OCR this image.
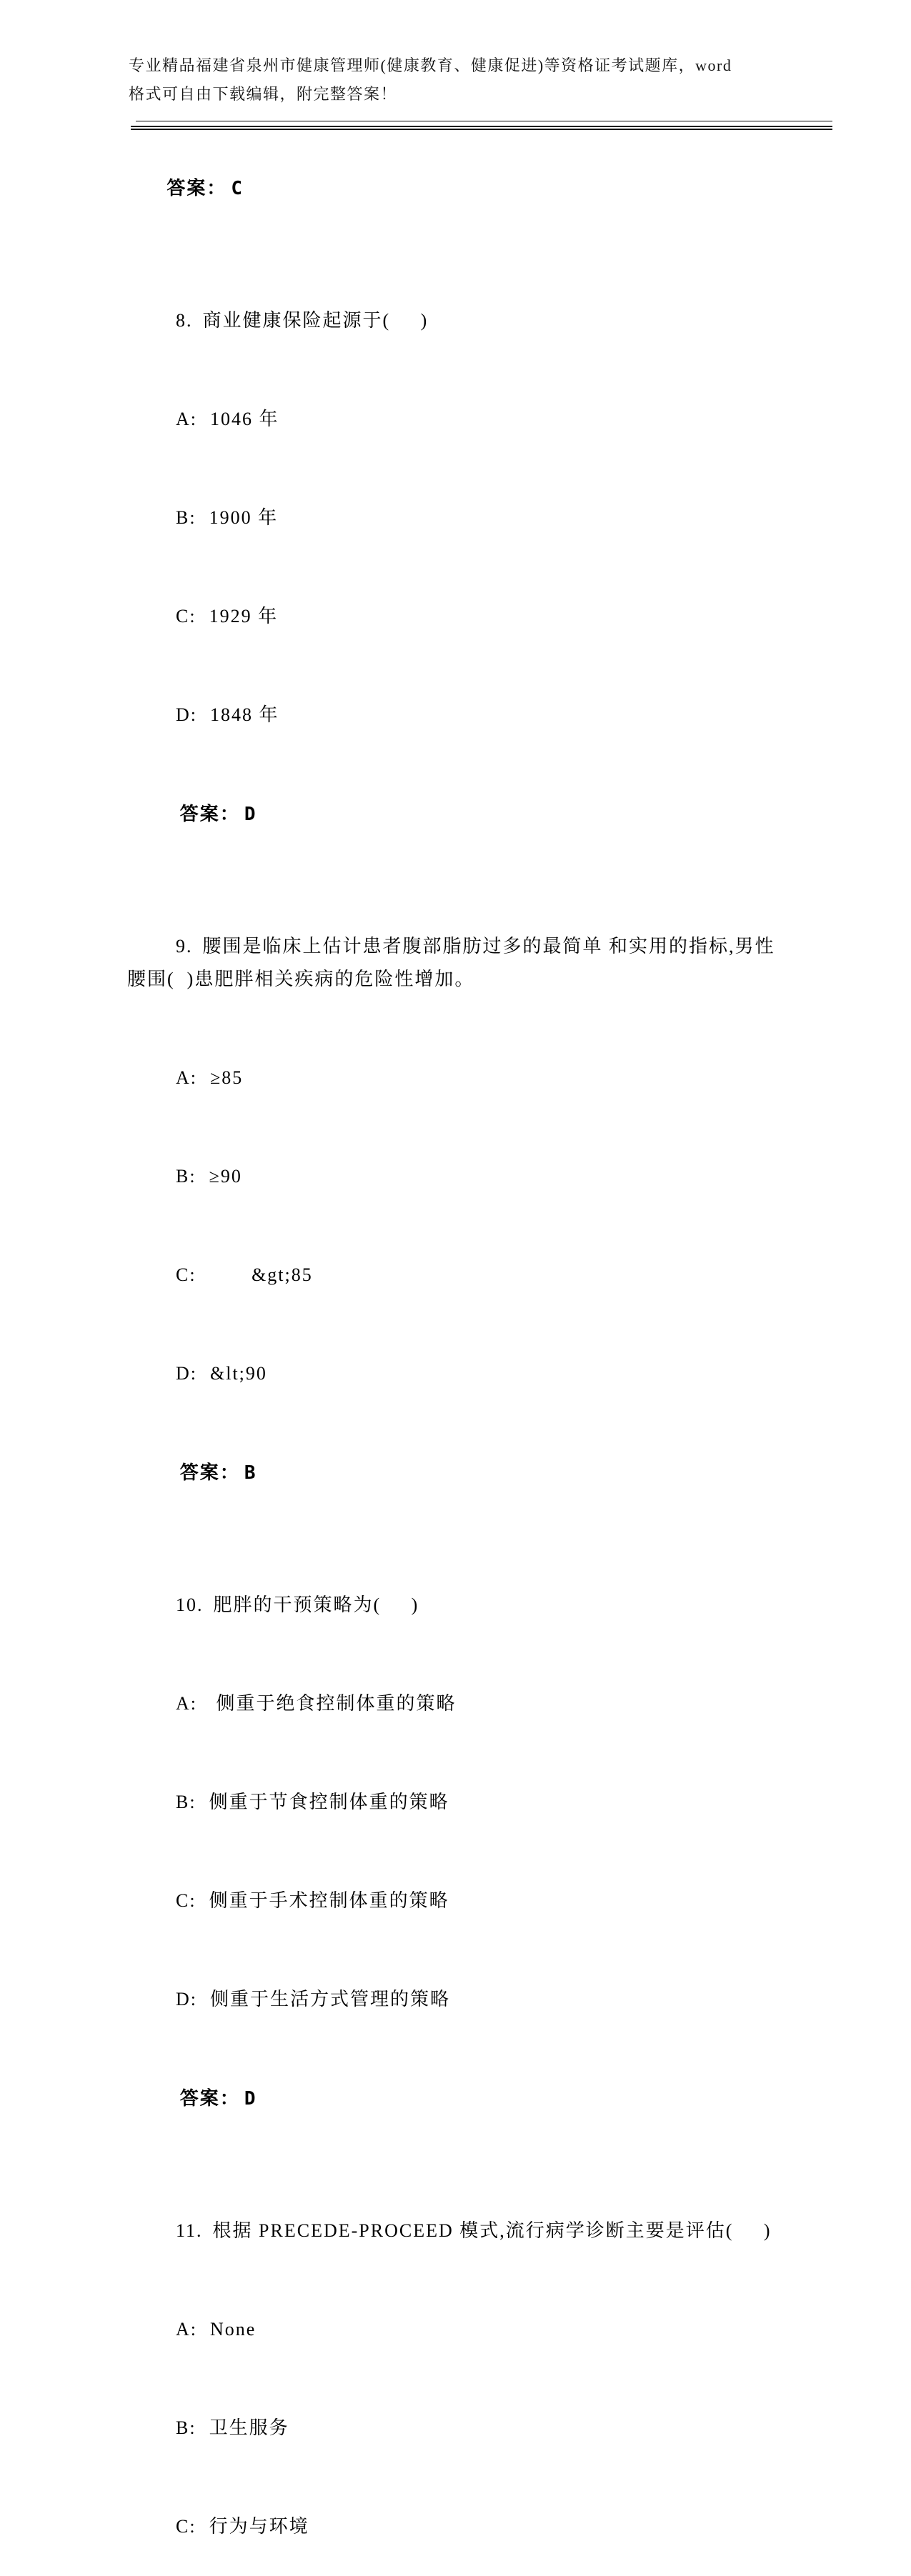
专业精品福建省泉州市健康管理师(健康教育、健康促进)等资格证考试题库，word
格式可自由下载编辑，附完整答案！

答案： C

8. 商业健康保险起源于(     )

A: 1046 年

B: 1900 年

C: 1929 年

D: 1848 年

答案： D

9. 腰围是临床上估计患者腹部脂肪过多的最简单 和实用的指标,男性腰围(  )患肥胖相关疾病的危险性增加。

A: ≥85

B: ≥90

C:       &gt;85

D: &lt;90

答案： B

10. 肥胖的干预策略为(     )

A: 侧重于绝食控制体重的策略

B: 侧重于节食控制体重的策略

C: 侧重于手术控制体重的策略

D: 侧重于生活方式管理的策略

答案： D

11. 根据 PRECEDE-PROCEED 模式,流行病学诊断主要是评估(     )

A: None

B: 卫生服务

C: 行为与环境
